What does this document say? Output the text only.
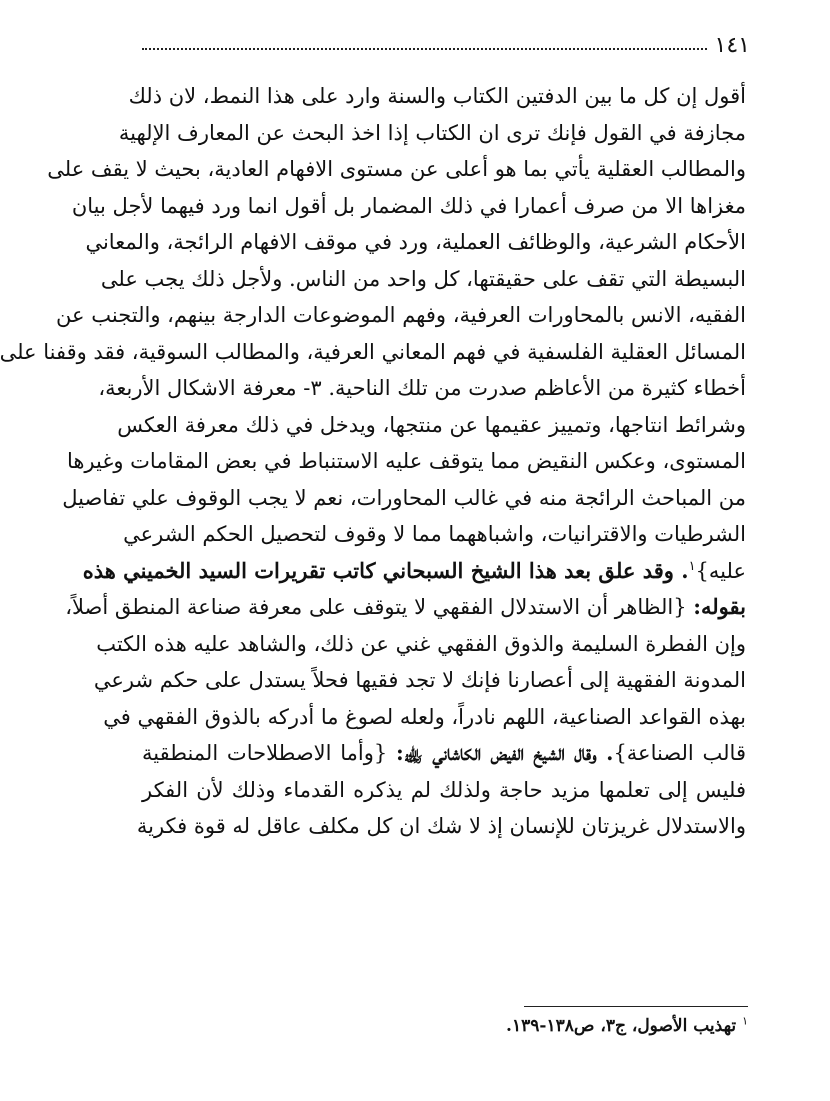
١٤١
أقول إن كل ما بين الدفتين الكتاب والسنة وارد على هذا النمط، لان ذلك
مجازفة في القول فإنك ترى ان الكتاب إذا اخذ البحث عن المعارف الإلهية
والمطالب العقلية يأتي بما هو أعلى عن مستوى الافهام العادية، بحيث لا يقف على
مغزاها الا من صرف أعمارا في ذلك المضمار بل أقول انما ورد فيهما لأجل بيان
الأحكام الشرعية، والوظائف العملية، ورد في موقف الافهام الرائجة، والمعاني
البسيطة التي تقف على حقيقتها، كل واحد من الناس. ولأجل ذلك يجب على
الفقيه، الانس بالمحاورات العرفية، وفهم الموضوعات الدارجة بينهم، والتجنب عن
المسائل العقلية الفلسفية في فهم المعاني العرفية، والمطالب السوقية، فقد وقفنا على
أخطاء كثيرة من الأعاظم صدرت من تلك الناحية. ٣- معرفة الاشكال الأربعة،
وشرائط انتاجها، وتمييز عقيمها عن منتجها، ويدخل في ذلك معرفة العكس
المستوى، وعكس النقيض مما يتوقف عليه الاستنباط في بعض المقامات وغيرها
من المباحث الرائجة منه في غالب المحاورات، نعم لا يجب الوقوف علي تفاصيل
الشرطيات والاقترانيات، واشباههما مما لا وقوف لتحصيل الحكم الشرعي
عليه}$^١$. وقد علق بعد هذا الشيخ السبحاني كاتب تقريرات السيد الخميني هذه
بقوله: {الظاهر أن الاستدلال الفقهي لا يتوقف على معرفة صناعة المنطق أصلاً،
وإن الفطرة السليمة والذوق الفقهي غني عن ذلك، والشاهد عليه هذه الكتب
المدونة الفقهية إلى أعصارنا فإنك لا تجد فقيها فحلاً يستدل على حكم شرعي
بهذه القواعد الصناعية، اللهم نادراً، ولعله لصوغ ما أدركه بالذوق الفقهي في
قالب الصناعة}. وقال الشيخ الفيض الكاشاني ﵀: {وأما الاصطلاحات المنطقية
فليس إلى تعلمها مزيد حاجة ولذلك لم يذكره القدماء وذلك لأن الفكر
والاستدلال غريزتان للإنسان إذ لا شك ان كل مكلف عاقل له قوة فكرية
$^١$ تهذيب الأصول، ج٣، ص١٣٨-١٣٩.
